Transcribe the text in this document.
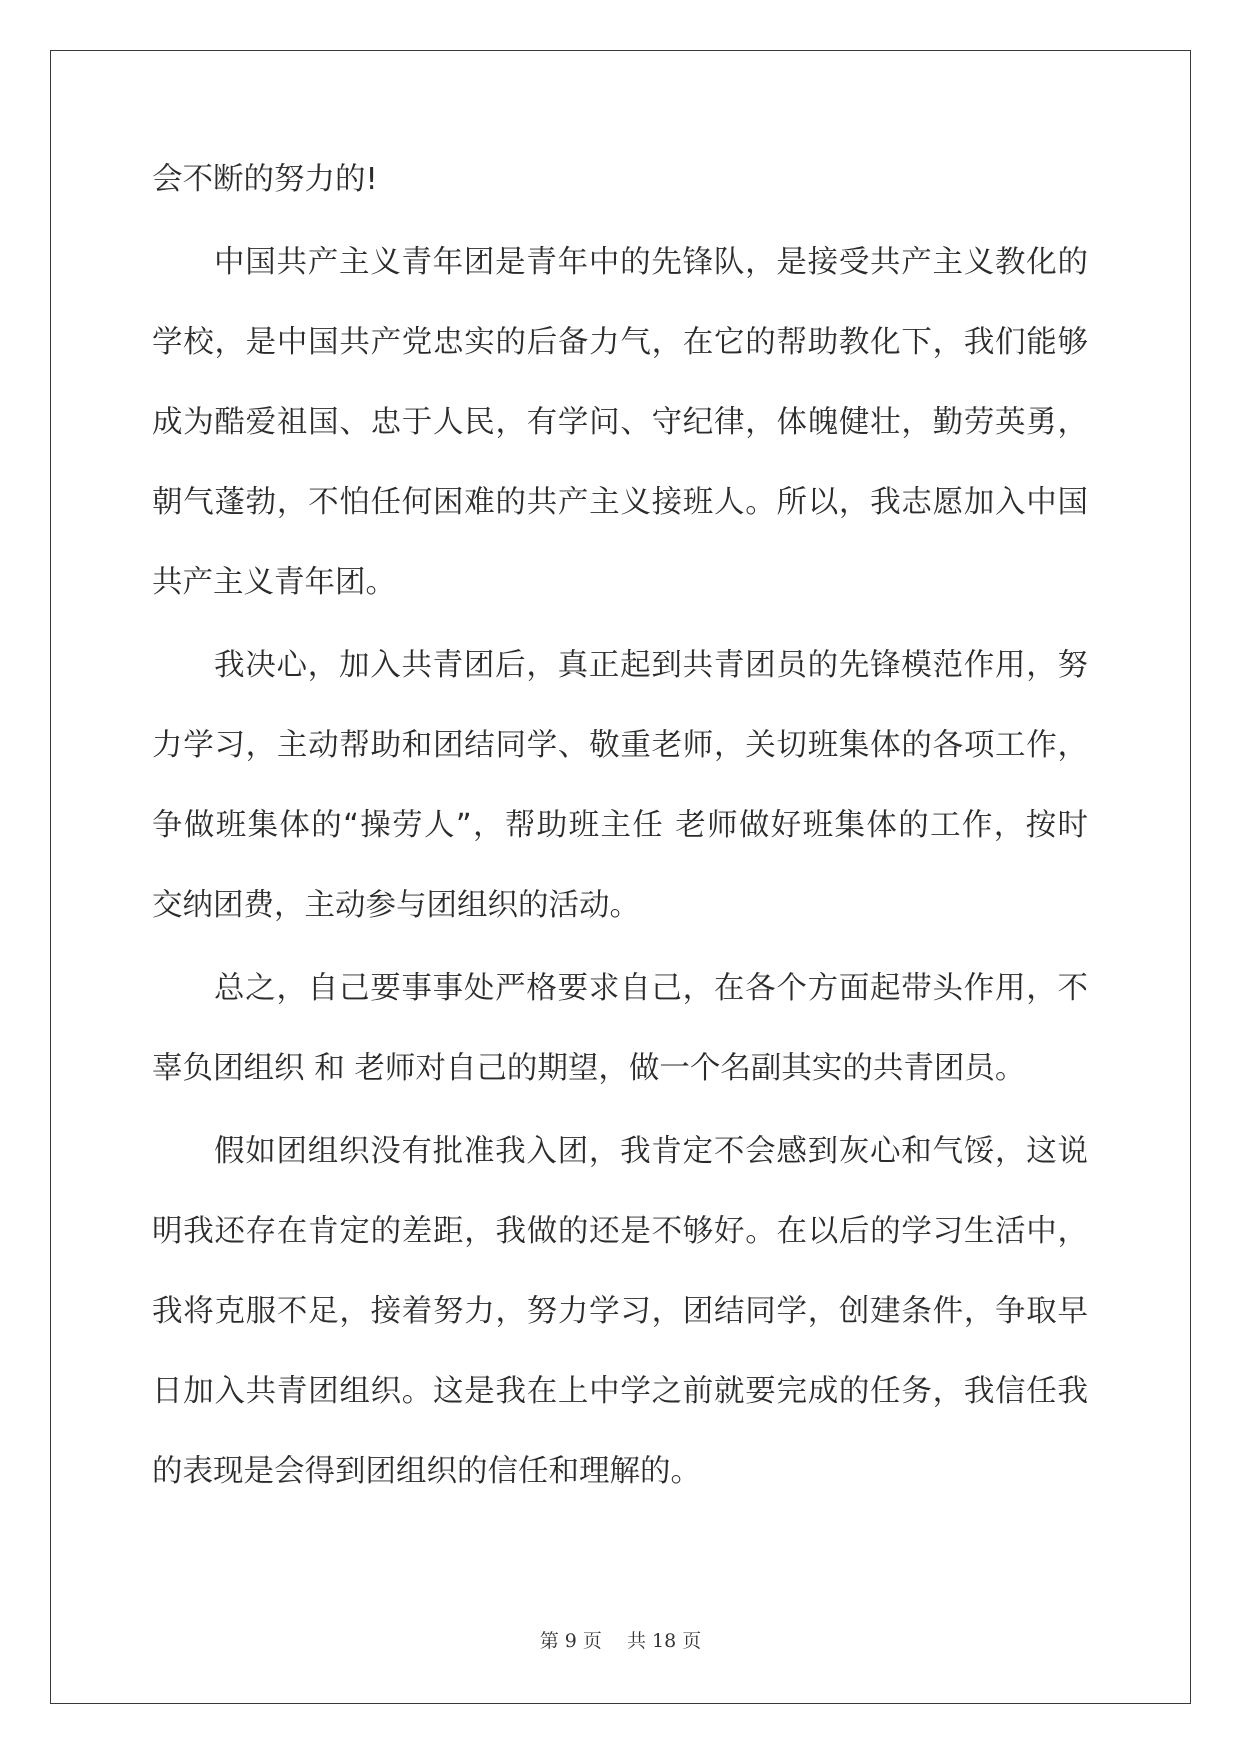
会不断的努力的!
中国共产主义青年团是青年中的先锋队，是接受共产主义教化的
学校，是中国共产党忠实的后备力气，在它的帮助教化下，我们能够
成为酷爱祖国、忠于人民，有学问、守纪律，体魄健壮，勤劳英勇，
朝气蓬勃，不怕任何困难的共产主义接班人。所以，我志愿加入中国
共产主义青年团。
我决心，加入共青团后，真正起到共青团员的先锋模范作用，努
力学习，主动帮助和团结同学、敬重老师，关切班集体的各项工作，
争做班集体的“操劳人”，帮助班主任 老师做好班集体的工作，按时
交纳团费，主动参与团组织的活动。
总之，自己要事事处严格要求自己，在各个方面起带头作用，不
辜负团组织 和 老师对自己的期望，做一个名副其实的共青团员。
假如团组织没有批准我入团，我肯定不会感到灰心和气馁，这说
明我还存在肯定的差距，我做的还是不够好。在以后的学习生活中，
我将克服不足，接着努力，努力学习，团结同学，创建条件，争取早
日加入共青团组织。这是我在上中学之前就要完成的任务，我信任我
的表现是会得到团组织的信任和理解的。
第 9 页　 共 18 页
